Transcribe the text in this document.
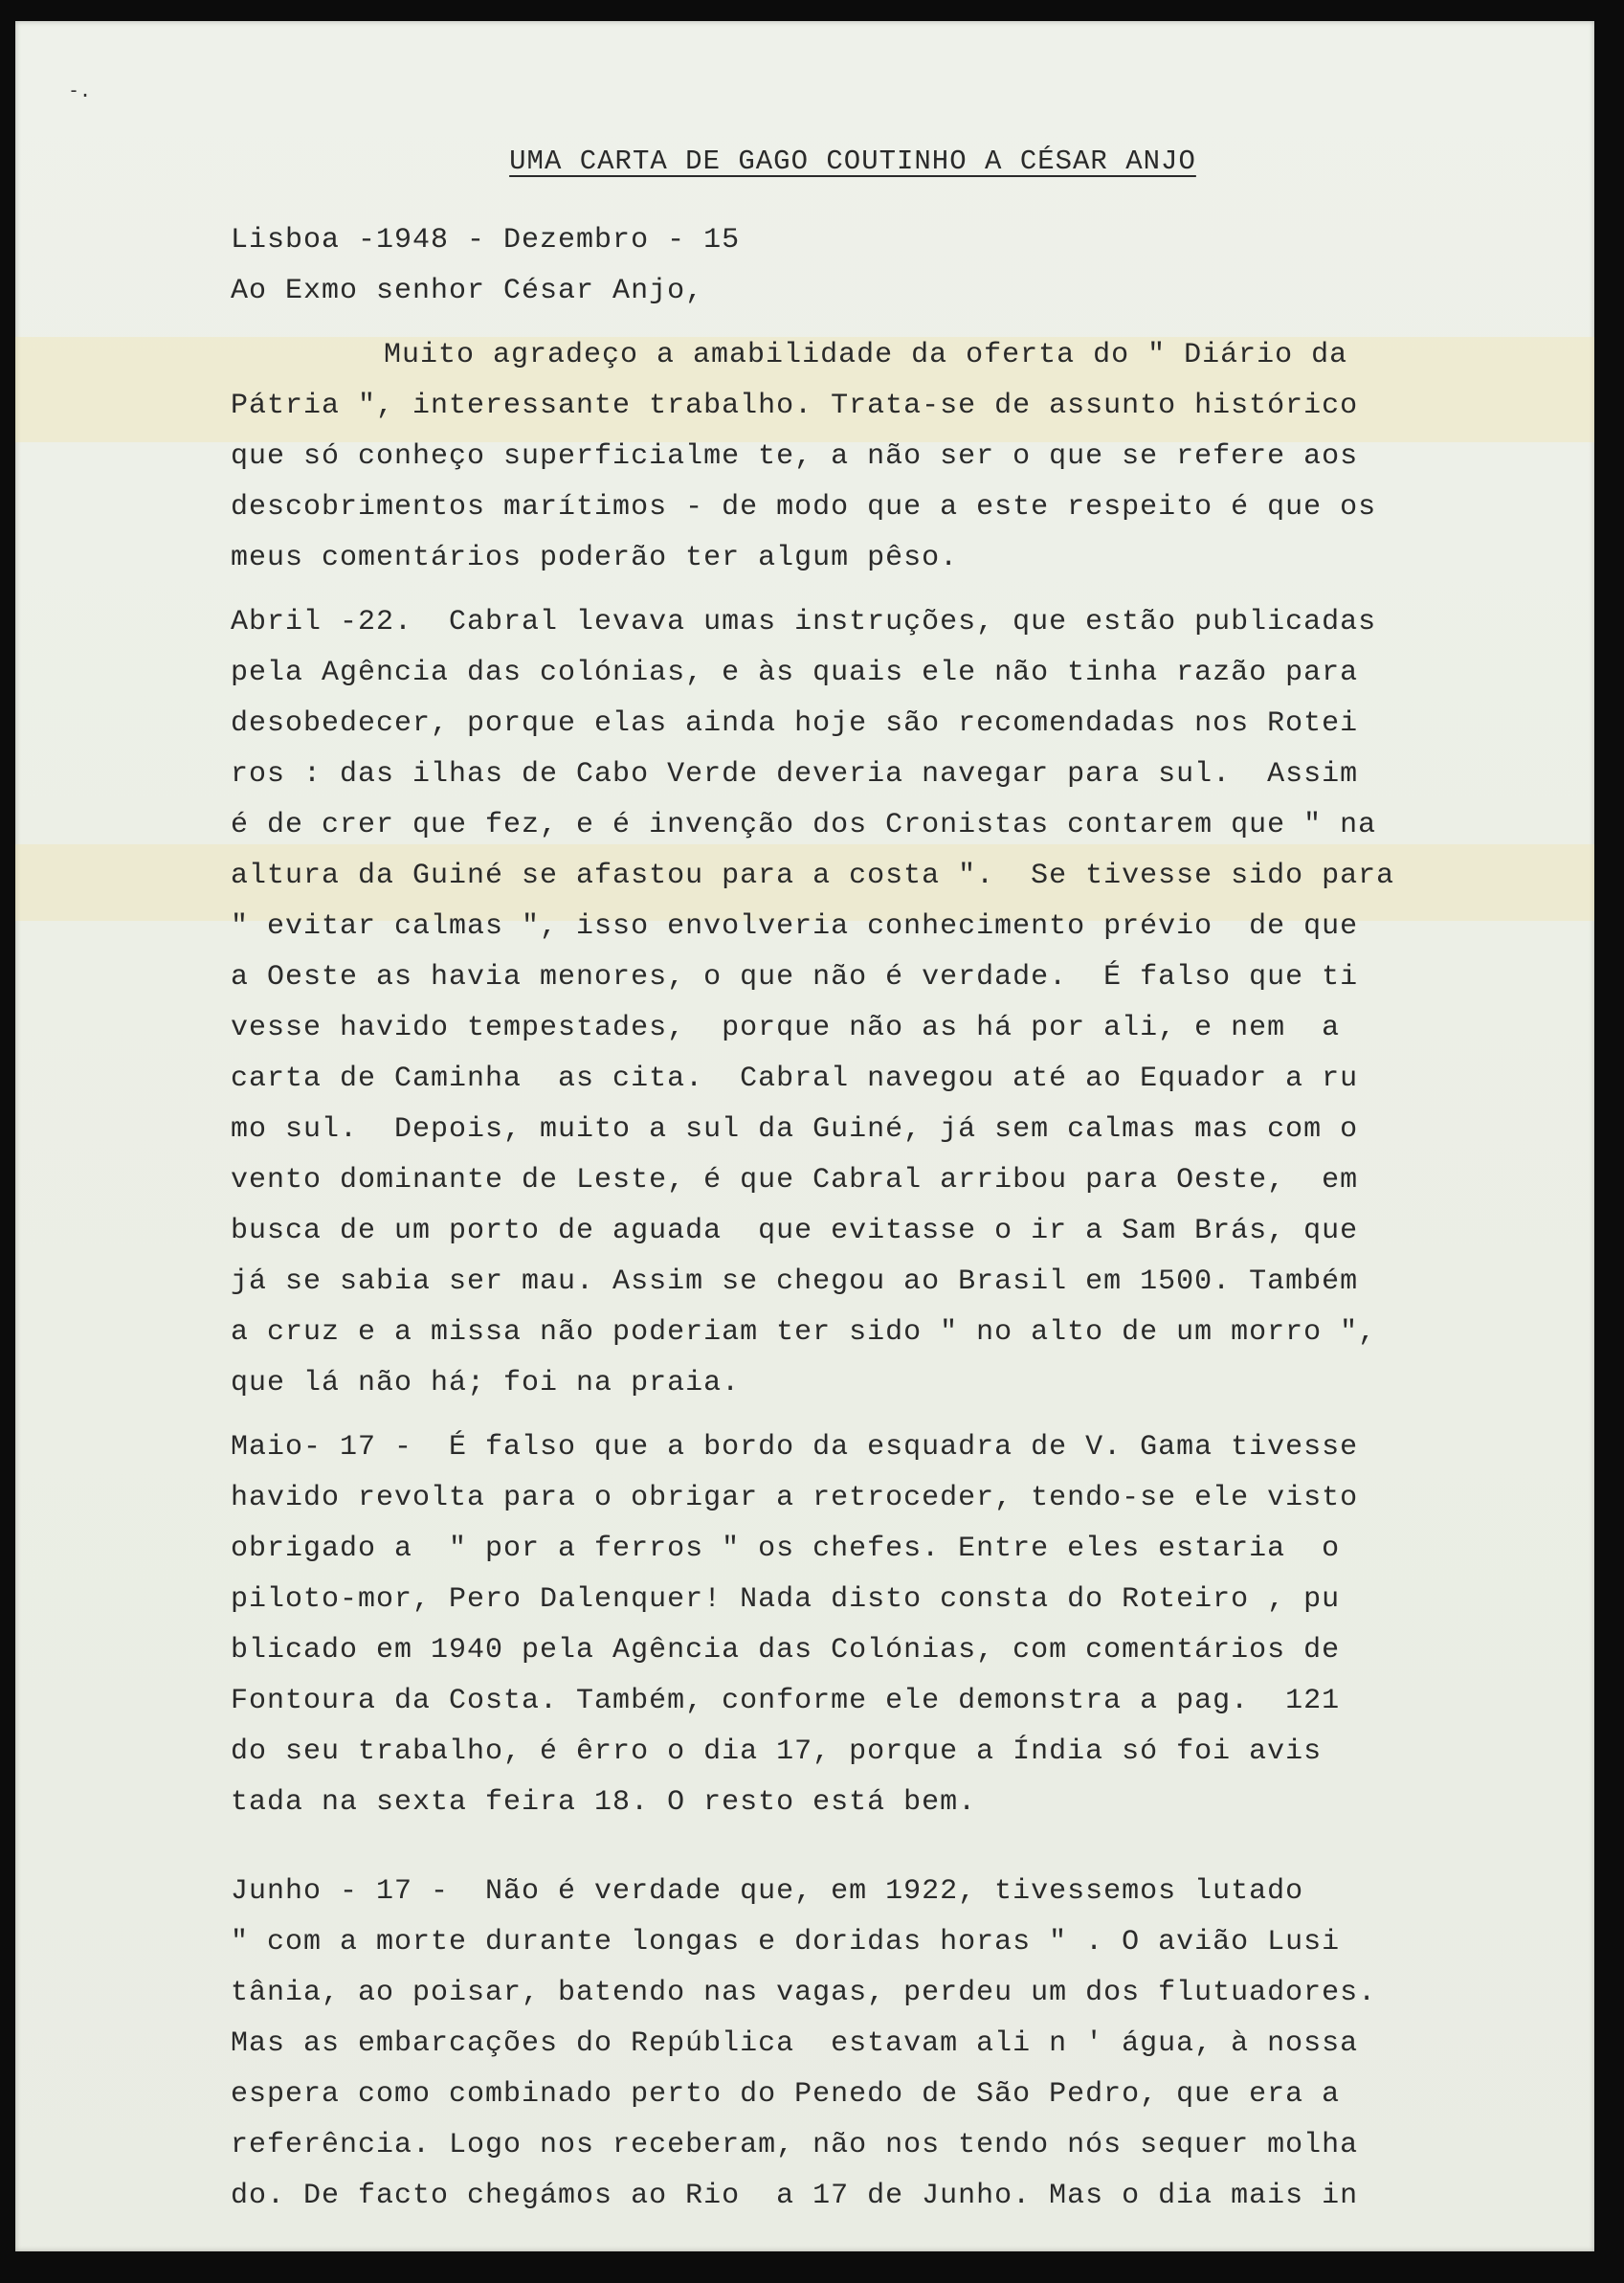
-.
UMA CARTA DE GAGO COUTINHO A CÉSAR ANJO

Lisboa -1948 - Dezembro - 15

Ao Exmo senhor César Anjo,

Muito agradeço a amabilidade da oferta do " Diário da

Pátria ", interessante trabalho. Trata-se de assunto histórico

que só conheço superficialme te, a não ser o que se refere aos

descobrimentos marítimos - de modo que a este respeito é que os

meus comentários poderão ter algum pêso.

Abril -22.  Cabral levava umas instruções, que estão publicadas

pela Agência das colónias, e às quais ele não tinha razão para

desobedecer, porque elas ainda hoje são recomendadas nos Rotei

ros : das ilhas de Cabo Verde deveria navegar para sul.  Assim

é de crer que fez, e é invenção dos Cronistas contarem que " na

altura da Guiné se afastou para a costa ".  Se tivesse sido para

" evitar calmas ", isso envolveria conhecimento prévio  de que

a Oeste as havia menores, o que não é verdade.  É falso que ti

vesse havido tempestades,  porque não as há por ali, e nem  a

carta de Caminha  as cita.  Cabral navegou até ao Equador a ru

mo sul.  Depois, muito a sul da Guiné, já sem calmas mas com o

vento dominante de Leste, é que Cabral arribou para Oeste,  em

busca de um porto de aguada  que evitasse o ir a Sam Brás, que

já se sabia ser mau. Assim se chegou ao Brasil em 1500. Também

a cruz e a missa não poderiam ter sido " no alto de um morro ",

que lá não há; foi na praia.

Maio- 17 -  É falso que a bordo da esquadra de V. Gama tivesse

havido revolta para o obrigar a retroceder, tendo-se ele visto

obrigado a  " por a ferros " os chefes. Entre eles estaria  o

piloto-mor, Pero Dalenquer! Nada disto consta do Roteiro , pu

blicado em 1940 pela Agência das Colónias, com comentários de

Fontoura da Costa. Também, conforme ele demonstra a pag.  121

do seu trabalho, é êrro o dia 17, porque a Índia só foi avis

tada na sexta feira 18. O resto está bem.

Junho - 17 -  Não é verdade que, em 1922, tivessemos lutado

" com a morte durante longas e doridas horas " . O avião Lusi

tânia, ao poisar, batendo nas vagas, perdeu um dos flutuadores.

Mas as embarcações do República  estavam ali n ' água, à nossa

espera como combinado perto do Penedo de São Pedro, que era a

referência. Logo nos receberam, não nos tendo nós sequer molha

do. De facto chegámos ao Rio  a 17 de Junho. Mas o dia mais in
